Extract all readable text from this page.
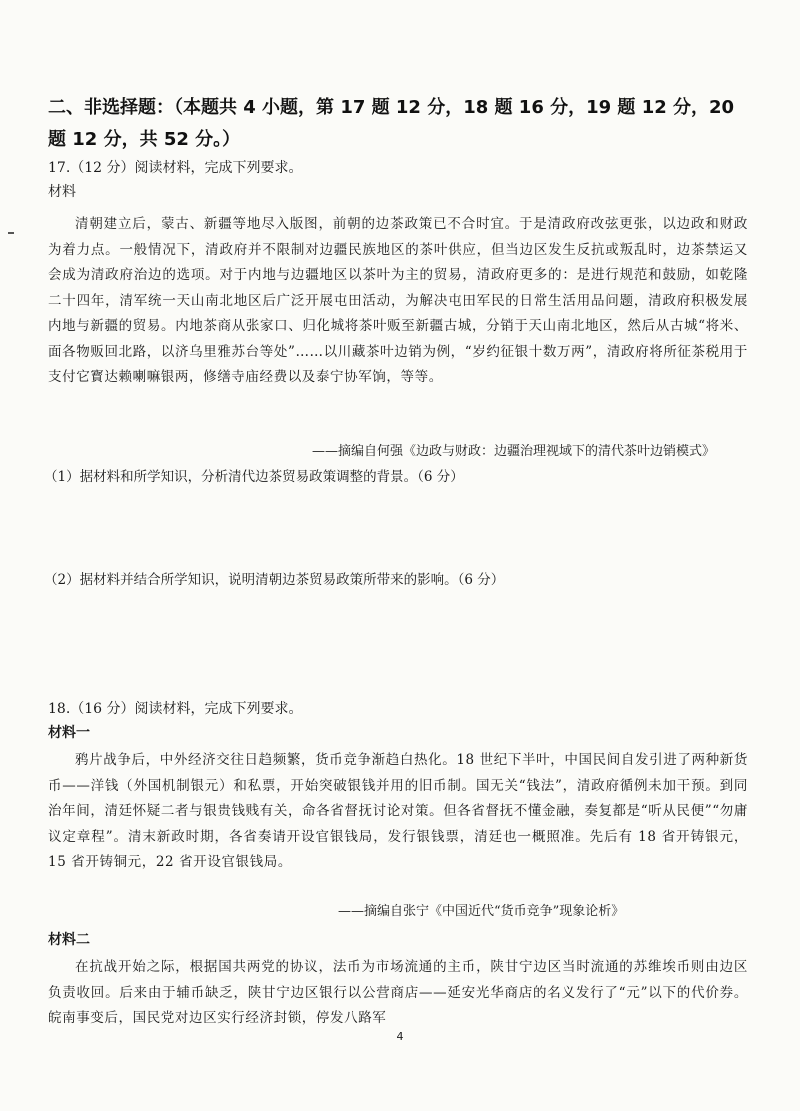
二、非选择题：（本题共 4 小题，第 17 题 12 分，18 题 16 分，19 题 12 分，20 题 12 分，共 52 分。）
17.（12 分）阅读材料，完成下列要求。
材料
清朝建立后，蒙古、新疆等地尽入版图，前朝的边茶政策已不合时宜。于是清政府改弦更张，以边政和财政为着力点。一般情况下，清政府并不限制对边疆民族地区的茶叶供应，但当边区发生反抗或叛乱时，边茶禁运又会成为清政府治边的选项。对于内地与边疆地区以茶叶为主的贸易，清政府更多的：是进行规范和鼓励，如乾隆二十四年，清军统一天山南北地区后广泛开展屯田活动，为解决屯田军民的日常生活用品问题，清政府积极发展内地与新疆的贸易。内地茶商从张家口、归化城将茶叶贩至新疆古城，分销于天山南北地区，然后从古城“将米、面各物贩回北路，以济乌里雅苏台等处”……以川藏茶叶边销为例，“岁约征银十数万两”，清政府将所征茶税用于支付它寳达赖喇嘛银两，修缮寺庙经费以及泰宁协军饷，等等。
——摘编自何强《边政与财政：边疆治理视域下的清代茶叶边销模式》
（1）据材料和所学知识，分析清代边茶贸易政策调整的背景。（6 分）
（2）据材料并结合所学知识，说明清朝边茶贸易政策所带来的影响。（6 分）
18.（16 分）阅读材料，完成下列要求。
材料一
鸦片战争后，中外经济交往日趋频繁，货币竞争渐趋白热化。18 世纪下半叶，中国民间自发引进了两种新货币——洋钱（外国机制银元）和私票，开始突破银钱并用的旧币制。国无关“钱法”，清政府循例未加干预。到同治年间，清廷怀疑二者与银贵钱贱有关，命各省督抚讨论对策。但各省督抚不懂金融，奏复都是“听从民便”“勿庸议定章程”。清末新政时期，各省奏请开设官银钱局，发行银钱票，清廷也一概照准。先后有 18 省开铸银元，15 省开铸铜元，22 省开设官银钱局。
——摘编自张宁《中国近代“货币竞争”现象论析》
材料二
在抗战开始之际，根据国共两党的协议，法币为市场流通的主币，陕甘宁边区当时流通的苏维埃币则由边区负责收回。后来由于辅币缺乏，陕甘宁边区银行以公营商店——延安光华商店的名义发行了“元”以下的代价券。皖南事变后，国民党对边区实行经济封锁，停发八路军
4
